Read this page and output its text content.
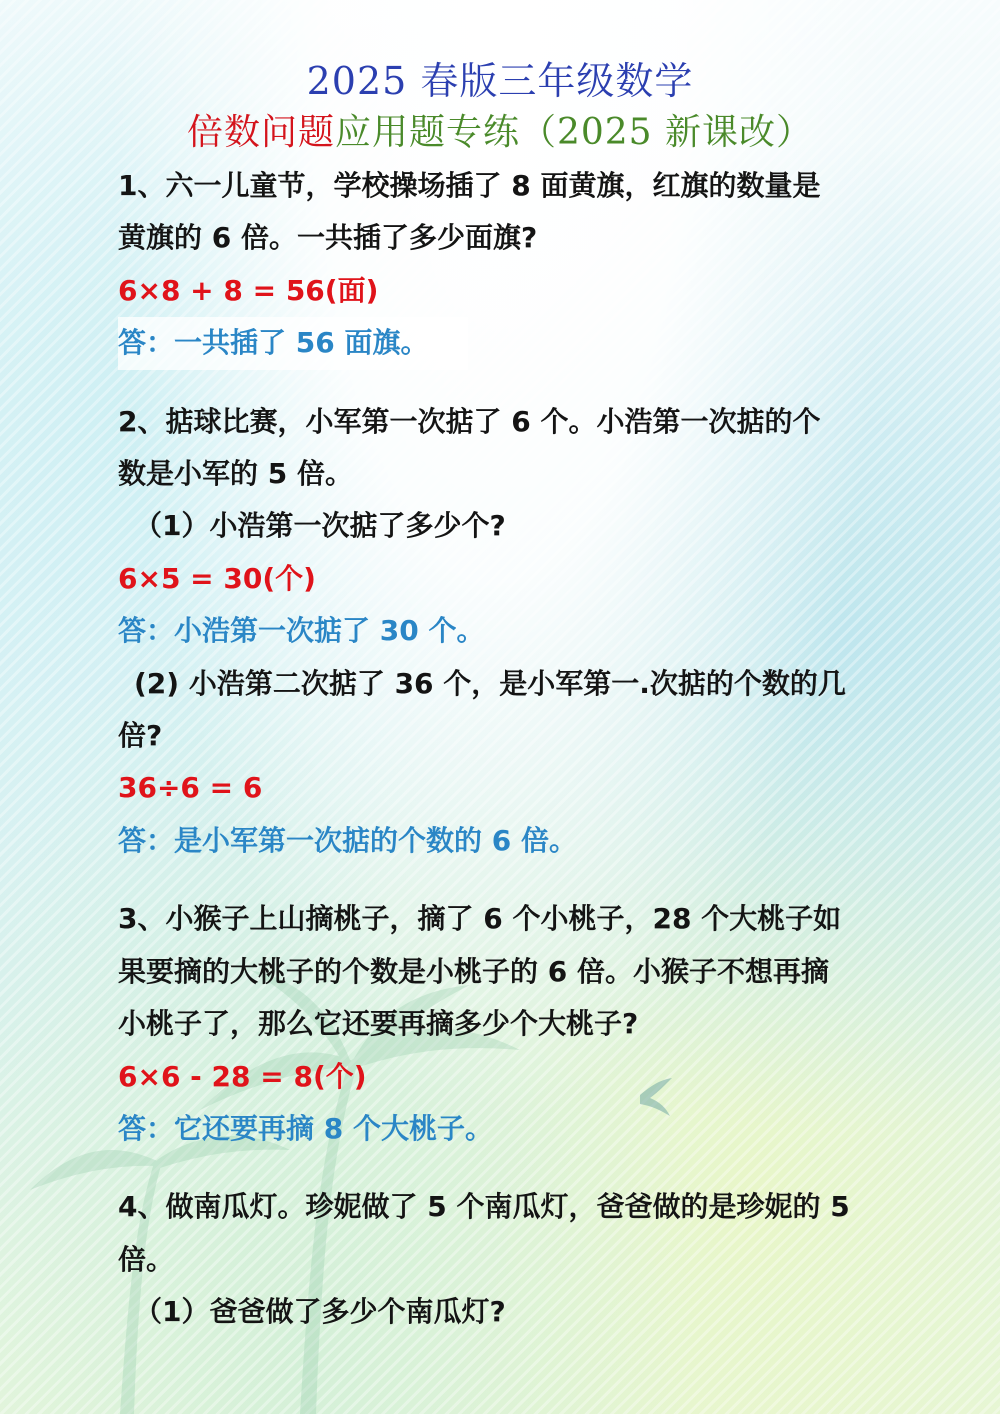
2025 春版三年级数学
倍数问题应用题专练（2025 新课改）
1、六一儿童节，学校操场插了 8 面黄旗，红旗的数量是
黄旗的 6 倍。一共插了多少面旗?
6×8 + 8 = 56(面)
答：一共插了 56 面旗。
2、掂球比赛，小军第一次掂了 6 个。小浩第一次掂的个
数是小军的 5 倍。
（1）小浩第一次掂了多少个?
6×5 = 30(个)
答：小浩第一次掂了 30 个。
(2) 小浩第二次掂了 36 个，是小军第一.次掂的个数的几
倍?
36÷6 = 6
答：是小军第一次掂的个数的 6 倍。
3、小猴子上山摘桃子，摘了 6 个小桃子，28 个大桃子如
果要摘的大桃子的个数是小桃子的 6 倍。小猴子不想再摘
小桃子了，那么它还要再摘多少个大桃子?
6×6 - 28 = 8(个)
答：它还要再摘 8 个大桃子。
4、做南瓜灯。珍妮做了 5 个南瓜灯，爸爸做的是珍妮的 5
倍。
（1）爸爸做了多少个南瓜灯?
